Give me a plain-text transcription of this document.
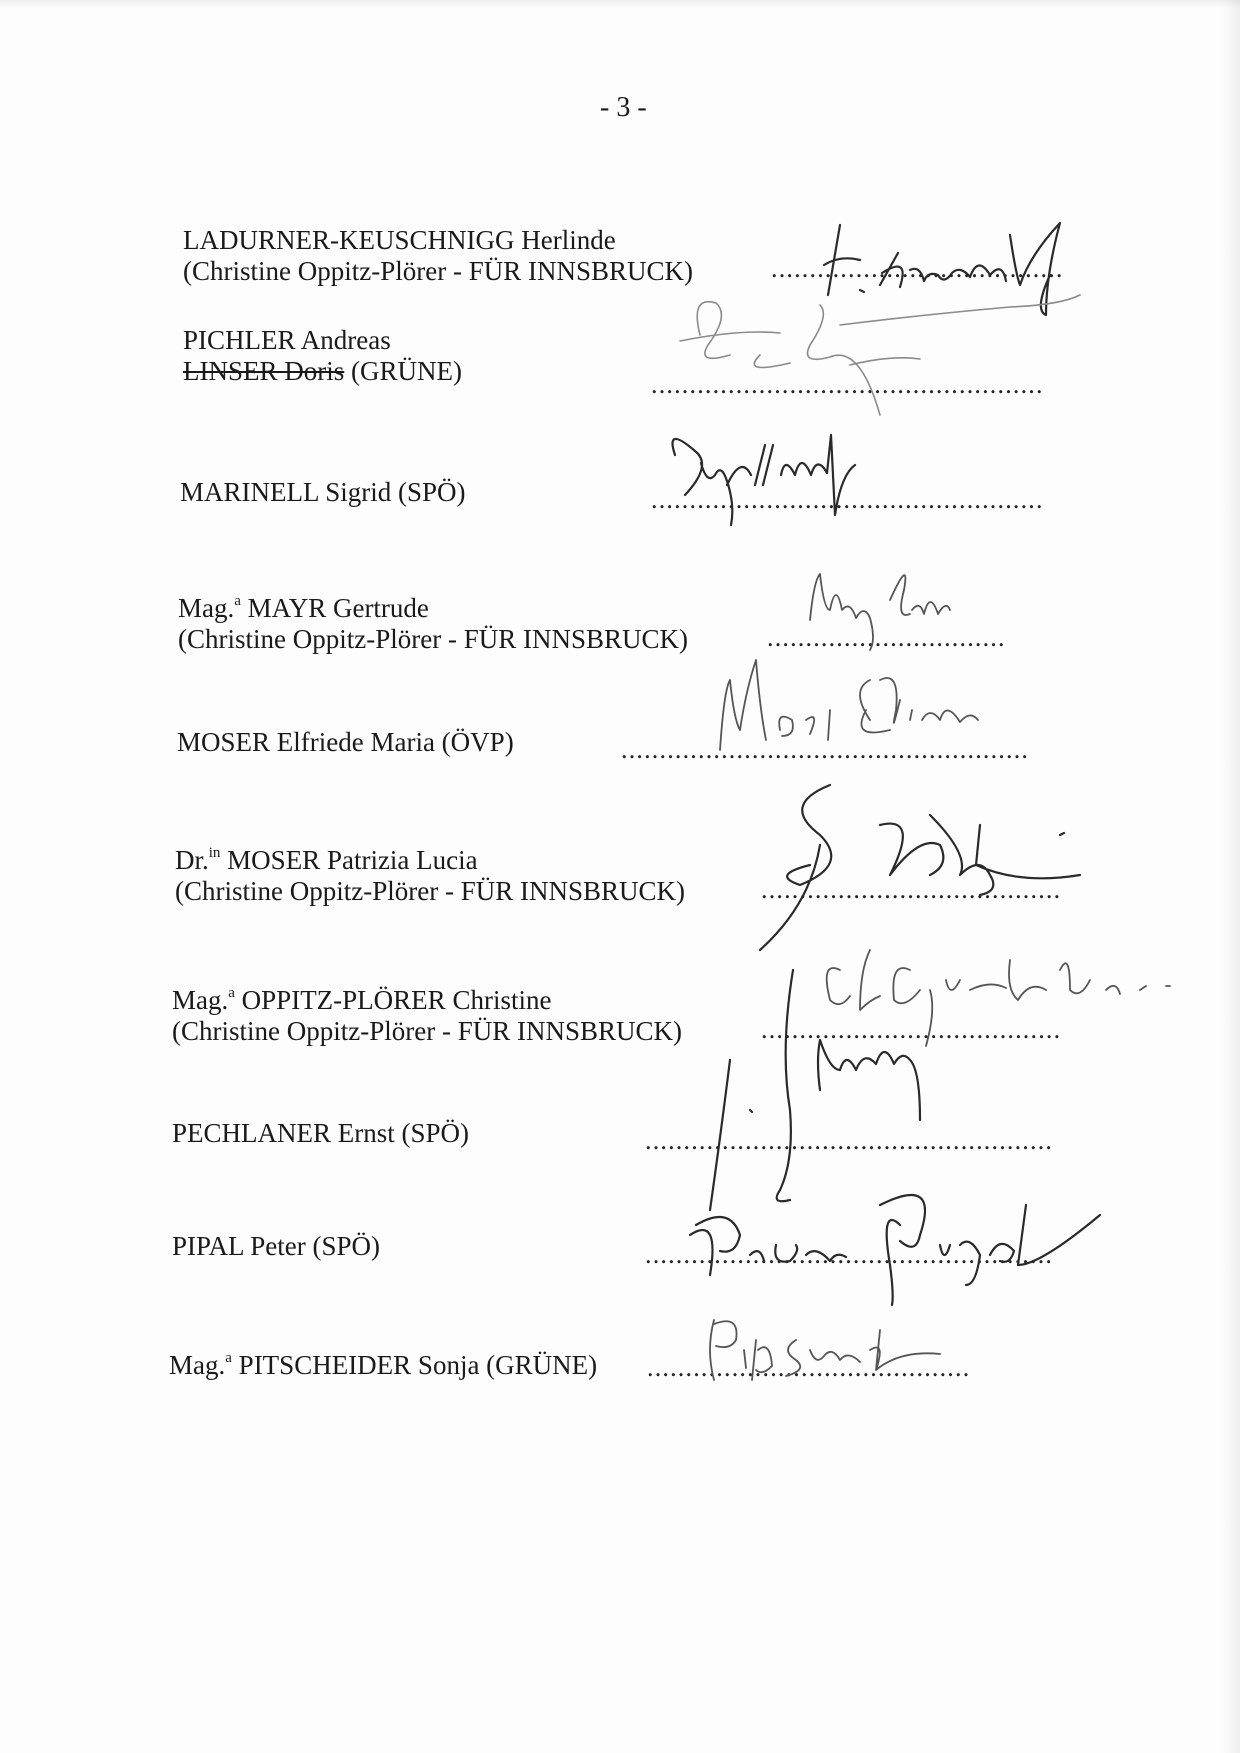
- 3 -
LADURNER-KEUSCHNIGG Herlinde
(Christine Oppitz-Plörer - FÜR INNSBRUCK)	......................................
PICHLER Andreas
LINSER Doris (GRÜNE)	...................................................
MARINELL Sigrid (SPÖ)	...................................................
Mag.$^a$ MAYR Gertrude
(Christine Oppitz-Plörer - FÜR INNSBRUCK)	...............................
MOSER Elfriede Maria (ÖVP)	.....................................................
Dr.$^{in}$ MOSER Patrizia Lucia
(Christine Oppitz-Plörer - FÜR INNSBRUCK)	.......................................
Mag.$^a$ OPPITZ-PLÖRER Christine
(Christine Oppitz-Plörer - FÜR INNSBRUCK)	.......................................
PECHLANER Ernst (SPÖ)	.....................................................
PIPAL Peter (SPÖ)	.....................................................
Mag.$^a$ PITSCHEIDER Sonja (GRÜNE) ..........................................
